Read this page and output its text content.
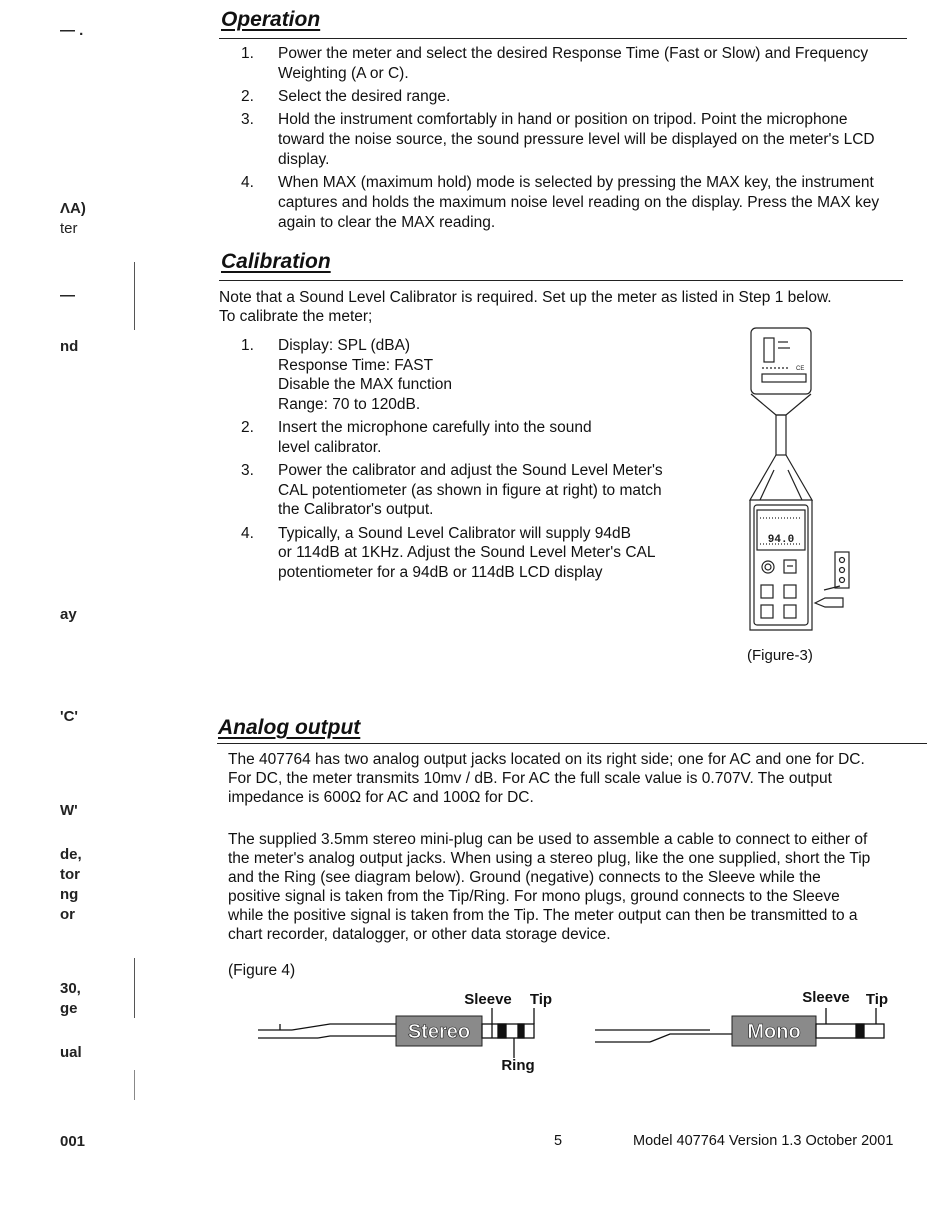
— .
ΛA)
ter
—
nd
ay
'C'
W'
de,
tor
ng
or
30,
ge
ual
001
Operation
1. Power the meter and select the desired Response Time (Fast or Slow) and Frequency
Weighting (A or C).
2. Select the desired range.
3. Hold the instrument comfortably in hand or position on tripod. Point the microphone
toward the noise source, the sound pressure level will be displayed on the meter's LCD
display.
4. When MAX (maximum hold) mode is selected by pressing the MAX key, the instrument
captures and holds the maximum noise level reading on the display. Press the MAX key
again to clear the MAX reading.
Calibration

Note that a Sound Level Calibrator is required. Set up the meter as listed in Step 1 below.
To calibrate the meter;

1. Display: SPL (dBA)
Response Time: FAST
Disable the MAX function
Range: 70 to 120dB.
2. Insert the microphone carefully into the sound
level calibrator.
3. Power the calibrator and adjust the Sound Level Meter's
CAL potentiometer (as shown in figure at right) to match
the Calibrator's output.
4. Typically, a Sound Level Calibrator will supply 94dB
or 114dB at 1KHz. Adjust the Sound Level Meter's CAL
potentiometer for a 94dB or 114dB LCD display
CE
94.0
(Figure-3)
Analog output

The 407764 has two analog output jacks located on its right side; one for AC and one for DC.
For DC, the meter transmits 10mv / dB. For AC the full scale value is 0.707V. The output
impedance is 600Ω for AC and 100Ω for DC.

The supplied 3.5mm stereo mini-plug can be used to assemble a cable to connect to either of
the meter's analog output jacks. When using a stereo plug, like the one supplied, short the Tip
and the Ring (see diagram below). Ground (negative) connects to the Sleeve while the
positive signal is taken from the Tip/Ring. For mono plugs, ground connects to the Sleeve
while the positive signal is taken from the Tip. The meter output can then be transmitted to a
chart recorder, datalogger, or other data storage device.

(Figure 4)
Stereo
Sleeve Tip
Ring
Mono
Sleeve Tip
5	Model 407764 Version 1.3 October 2001
